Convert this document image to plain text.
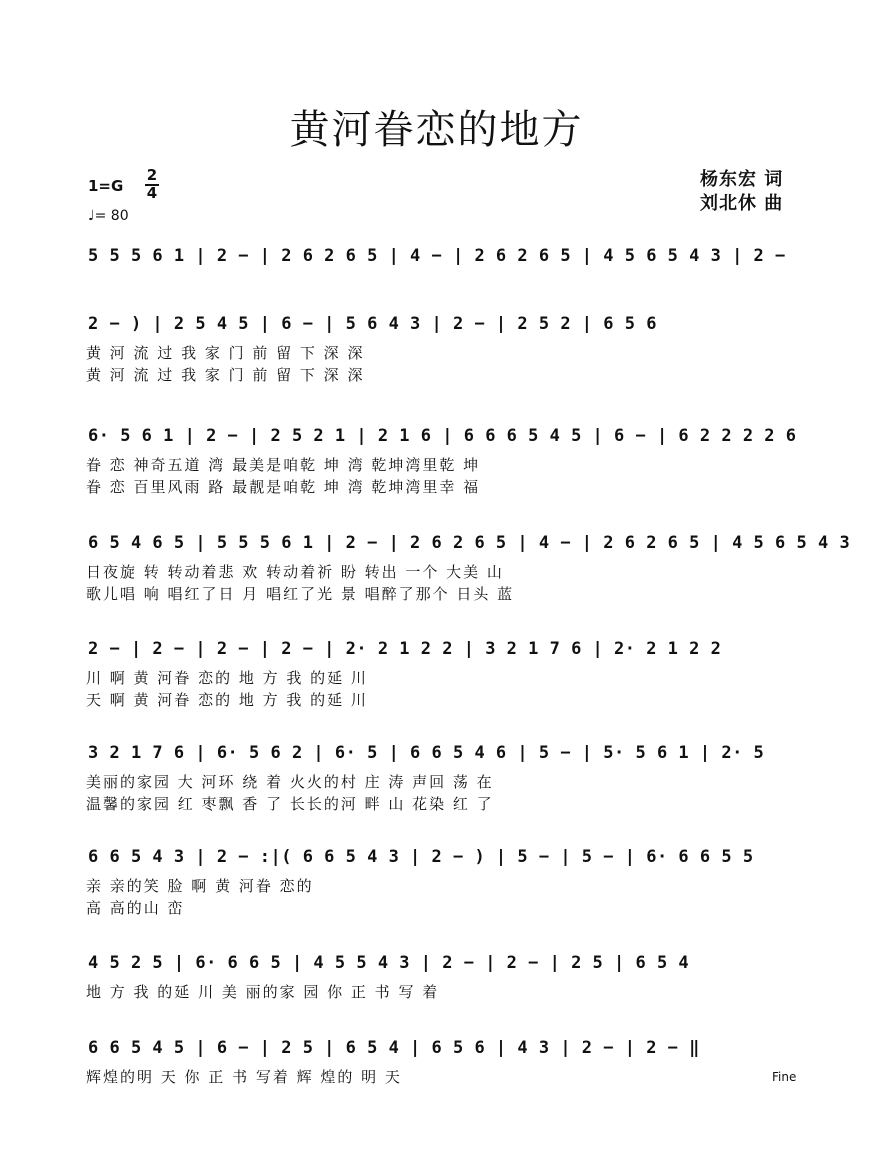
黄河眷恋的地方
杨东宏 词
刘北休 曲
1=G
2
4
♩= 80
5 5 5 6 1 | 2 − | 2 6 2 6 5 | 4 − | 2 6 2 6 5 | 4 5 6 5 4 3 | 2 −
2 − ) | 2 5 4 5 | 6 − | 5 6 4 3 | 2 − | 2 5 2 | 6 5 6
黄 河 流 过 我 家 门 前 留 下 深 深
黄 河 流 过 我 家 门 前 留 下 深 深
6· 5 6 1 | 2 − | 2 5 2 1 | 2 1 6 | 6 6 6 5 4 5 | 6 − | 6 2 2 2 2 6
眷 恋 神奇五道 湾 最美是咱乾 坤 湾 乾坤湾里乾 坤
眷 恋 百里风雨 路 最靓是咱乾 坤 湾 乾坤湾里幸 福
6 5 4 6 5 | 5 5 5 6 1 | 2 − | 2 6 2 6 5 | 4 − | 2 6 2 6 5 | 4 5 6 5 4 3
日夜旋 转 转动着悲 欢 转动着祈 盼 转出 一个 大美 山
歌儿唱 响 唱红了日 月 唱红了光 景 唱醉了那个 日头 蓝
2 − | 2 − | 2 − | 2 − | 2· 2 1 2 2 | 3 2 1 7 6 | 2· 2 1 2 2
川 啊 黄 河眷 恋的 地 方 我 的延 川
天 啊 黄 河眷 恋的 地 方 我 的延 川
3 2 1 7 6 | 6· 5 6 2 | 6· 5 | 6 6 5 4 6 | 5 − | 5· 5 6 1 | 2· 5
美丽的家园 大 河环 绕 着 火火的村 庄 涛 声回 荡 在
温馨的家园 红 枣飘 香 了 长长的河 畔 山 花染 红 了
6 6 5 4 3 | 2 − :|( 6 6 5 4 3 | 2 − ) | 5 − | 5 − | 6· 6 6 5 5
亲 亲的笑 脸 啊 黄 河眷 恋的
高 高的山 峦
4 5 2 5 | 6· 6 6 5 | 4 5 5 4 3 | 2 − | 2 − | 2 5 | 6 5 4
地 方 我 的延 川 美 丽的家 园 你 正 书 写 着
6 6 5 4 5 | 6 − | 2 5 | 6 5 4 | 6 5 6 | 4 3 | 2 − | 2 − ‖
辉煌的明 天 你 正 书 写着 辉 煌的 明 天	Fine
